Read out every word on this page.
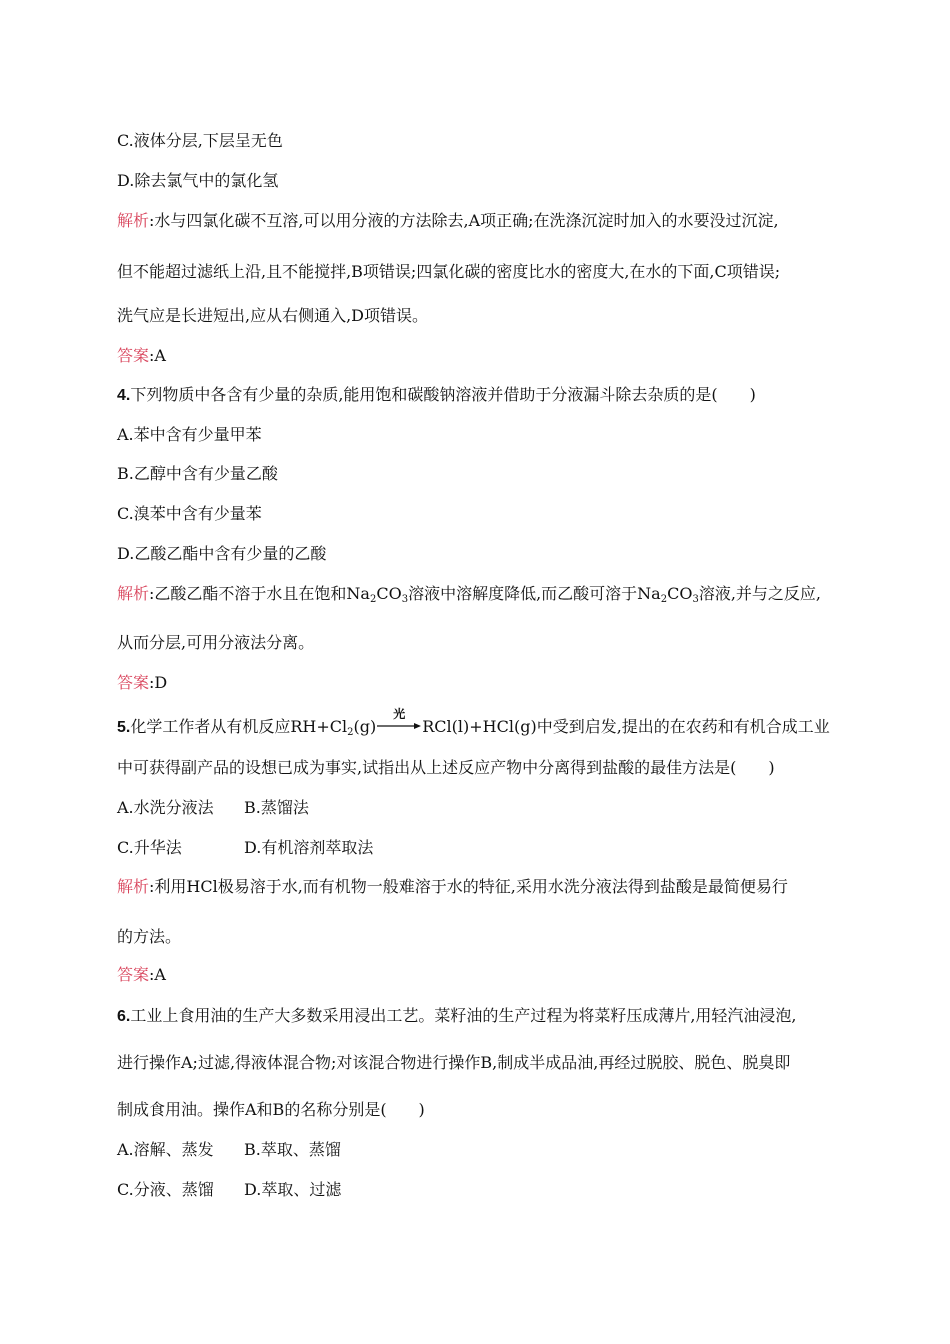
C.液体分层,下层呈无色
D.除去氯气中的氯化氢
解析:水与四氯化碳不互溶,可以用分液的方法除去,A项正确;在洗涤沉淀时加入的水要没过沉淀,
但不能超过滤纸上沿,且不能搅拌,B项错误;四氯化碳的密度比水的密度大,在水的下面,C项错误;
洗气应是长进短出,应从右侧通入,D项错误。
答案:A
4.下列物质中各含有少量的杂质,能用饱和碳酸钠溶液并借助于分液漏斗除去杂质的是(　　)
A.苯中含有少量甲苯
B.乙醇中含有少量乙酸
C.溴苯中含有少量苯
D.乙酸乙酯中含有少量的乙酸
解析:乙酸乙酯不溶于水且在饱和$Na_2CO_3$溶液中溶解度降低,而乙酸可溶于$Na_2CO_3$溶液,并与之反应,
从而分层,可用分液法分离。
答案:D
5.化学工作者从有机反应$RH+Cl_2(g)$
光
RCl(l)+HCl(g)中受到启发,提出的在农药和有机合成工业
中可获得副产品的设想已成为事实,试指出从上述反应产物中分离得到盐酸的最佳方法是(　　)
A.水洗分液法 B.蒸馏法
C.升华法	D.有机溶剂萃取法
解析:利用HCl极易溶于水,而有机物一般难溶于水的特征,采用水洗分液法得到盐酸是最简便易行
的方法。
答案:A
6.工业上食用油的生产大多数采用浸出工艺。菜籽油的生产过程为将菜籽压成薄片,用轻汽油浸泡,
进行操作A;过滤,得液体混合物;对该混合物进行操作B,制成半成品油,再经过脱胶、脱色、脱臭即
制成食用油。操作A和B的名称分别是(　　)
A.溶解、蒸发 B.萃取、蒸馏
C.分液、蒸馏 D.萃取、过滤
